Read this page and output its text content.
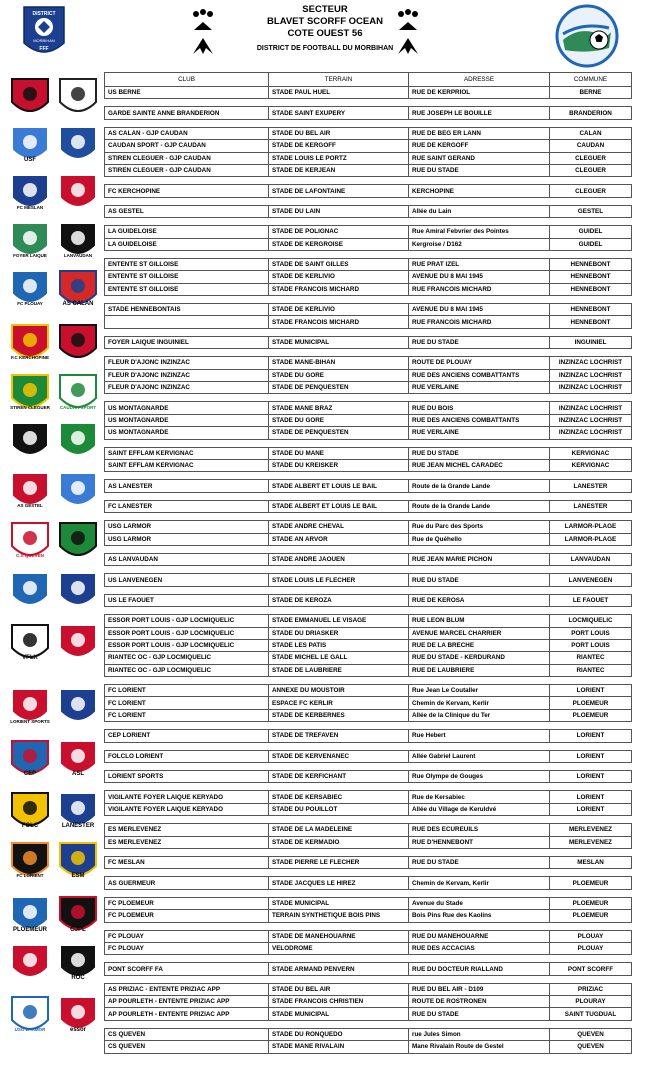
DISTRICT
MORBIHAN
FFF
SECTEUR
BLAVET SCORFF OCEAN
COTE OUEST 56
DISTRICT DE FOOTBALL DU MORBIHAN
USF
FC MESLAN
FOYER LAIQUE	LANVAUDAN
FC PLOUAY	AS CALAN
F.C KERCHOPINE
STIREN CLEGUER CAUDAN SPORT
AS GESTEL
C.S QUEVEN
VFLK
LORIENT SPORTS
CEP	ASL
FOLC	LANESTER
FC LORIENT	ESM
PLOEMEUR	GJPL
ROC
USG LARMOR	essor
CLUB	TERRAIN	ADRESSE	COMMUNE
US BERNE	STADE PAUL HUEL	RUE DE KERPRIOL	BERNE

GARDE SAINTE ANNE BRANDERION	STADE SAINT EXUPERY	RUE JOSEPH LE BOUILLE	BRANDERION

AS CALAN - GJP CAUDAN	STADE DU BEL AIR	RUE DE BEG ER LANN	CALAN
CAUDAN SPORT - GJP CAUDAN	STADE DE KERGOFF	RUE DE KERGOFF	CAUDAN
STIREN CLEGUER - GJP CAUDAN	STADE LOUIS LE PORTZ	RUE SAINT GERAND	CLEGUER
STIREN CLEGUER - GJP CAUDAN	STADE DE KERJEAN	RUE DU STADE	CLEGUER

FC KERCHOPINE	STADE DE LAFONTAINE	KERCHOPINE	CLEGUER

AS GESTEL	STADE DU LAIN	Allée du Lain	GESTEL

LA GUIDELOISE	STADE DE POLIGNAC	Rue Amiral Febvrier des Pointes	GUIDEL
LA GUIDELOISE	STADE DE KERGROISE	Kergroise / D162	GUIDEL

ENTENTE ST GILLOISE	STADE DE SAINT GILLES	RUE PRAT IZEL	HENNEBONT
ENTENTE ST GILLOISE	STADE DE KERLIVIO	AVENUE DU 8 MAI 1945	HENNEBONT
ENTENTE ST GILLOISE	STADE FRANCOIS MICHARD	RUE FRANCOIS MICHARD	HENNEBONT

STADE HENNEBONTAIS	STADE DE KERLIVIO	AVENUE DU 8 MAI 1945	HENNEBONT
	STADE FRANCOIS MICHARD	RUE FRANCOIS MICHARD	HENNEBONT

FOYER LAIQUE INGUINIEL	STADE MUNICIPAL	RUE DU STADE	INGUINIEL

FLEUR D'AJONC INZINZAC	STADE MANE-BIHAN	ROUTE DE PLOUAY	INZINZAC LOCHRIST
FLEUR D'AJONC INZINZAC	STADE DU GORE	RUE DES ANCIENS COMBATTANTS	INZINZAC LOCHRIST
FLEUR D'AJONC INZINZAC	STADE DE PENQUESTEN	RUE VERLAINE	INZINZAC LOCHRIST

US MONTAGNARDE	STADE MANE BRAZ	RUE DU BOIS	INZINZAC LOCHRIST
US MONTAGNARDE	STADE DU GORE	RUE DES ANCIENS COMBATTANTS	INZINZAC LOCHRIST
US MONTAGNARDE	STADE DE PENQUESTEN	RUE VERLAINE	INZINZAC LOCHRIST

SAINT EFFLAM KERVIGNAC	STADE DU MANE	RUE DU STADE	KERVIGNAC
SAINT EFFLAM KERVIGNAC	STADE DU KREISKER	RUE JEAN MICHEL CARADEC	KERVIGNAC

AS LANESTER	STADE ALBERT ET LOUIS LE BAIL	Route de la Grande Lande	LANESTER

FC LANESTER	STADE ALBERT ET LOUIS LE BAIL	Route de la Grande Lande	LANESTER

USG LARMOR	STADE ANDRE CHEVAL	Rue du Parc des Sports	LARMOR-PLAGE
USG LARMOR	STADE AN ARVOR	Rue de Quéhello	LARMOR-PLAGE

AS LANVAUDAN	STADE ANDRE JAOUEN	RUE JEAN MARIE PICHON	LANVAUDAN

US LANVENEGEN	STADE LOUIS LE FLECHER	RUE DU STADE	LANVENEGEN

US LE FAOUET	STADE DE KEROZA	RUE DE KEROSA	LE FAOUET

ESSOR PORT LOUIS - GJP LOCMIQUELIC	STADE EMMANUEL LE VISAGE	RUE LEON BLUM	LOCMIQUELIC
ESSOR PORT LOUIS - GJP LOCMIQUELIC	STADE DU DRIASKER	AVENUE MARCEL CHARRIER	PORT LOUIS
ESSOR PORT LOUIS - GJP LOCMIQUELIC	STADE LES PATIS	RUE DE LA BRECHE	PORT LOUIS
RIANTEC OC - GJP LOCMIQUELIC	STADE MICHEL LE GALL	RUE DU STADE - KERDURAND	RIANTEC
RIANTEC OC - GJP LOCMIQUELIC	STADE DE LAUBRIERE	RUE DE LAUBRIERE	RIANTEC

FC LORIENT	ANNEXE DU MOUSTOIR	Rue Jean Le Coutaller	LORIENT
FC LORIENT	ESPACE FC KERLIR	Chemin de Kervam, Kerlir	PLOEMEUR
FC LORIENT	STADE DE KERBERNES	Allée de la Clinique du Ter	PLOEMEUR

CEP LORIENT	STADE DE TREFAVEN	Rue Hebert	LORIENT

FOLCLO LORIENT	STADE DE KERVENANEC	Allée Gabriel Laurent	LORIENT

LORIENT SPORTS	STADE DE KERFICHANT	Rue Olympe de Gouges	LORIENT

VIGILANTE FOYER LAIQUE KERYADO	STADE DE KERSABIEC	Rue de Kersabiec	LORIENT
VIGILANTE FOYER LAIQUE KERYADO	STADE DU POUILLOT	Allée du Village de Keruldvé	LORIENT

ES MERLEVENEZ	STADE DE LA MADELEINE	RUE DES ECUREUILS	MERLEVENEZ
ES MERLEVENEZ	STADE DE KERMADIO	RUE D'HENNEBONT	MERLEVENEZ

FC MESLAN	STADE PIERRE LE FLECHER	RUE DU STADE	MESLAN

AS GUERMEUR	STADE JACQUES LE HIREZ	Chemin de Kervam, Kerlir	PLOEMEUR

FC PLOEMEUR	STADE MUNICIPAL	Avenue du Stade	PLOEMEUR
FC PLOEMEUR	TERRAIN SYNTHETIQUE BOIS PINS	Bois Pins Rue des Kaolins	PLOEMEUR

FC PLOUAY	STADE DE MANEHOUARNE	RUE DU MANEHOUARNE	PLOUAY
FC PLOUAY	VELODROME	RUE DES ACCACIAS	PLOUAY

PONT SCORFF FA	STADE ARMAND PENVERN	RUE DU DOCTEUR RIALLAND	PONT SCORFF

AS PRIZIAC - ENTENTE PRIZIAC APP	STADE DU BEL AIR	RUE DU BEL AIR - D109	PRIZIAC
AP POURLETH - ENTENTE PRIZIAC APP	STADE FRANCOIS CHRISTIEN	ROUTE DE ROSTRONEN	PLOURAY
AP POURLETH - ENTENTE PRIZIAC APP	STADE MUNICIPAL	RUE DU STADE	SAINT TUGDUAL

CS QUEVEN	STADE DU RONQUEDO	rue Jules Simon	QUEVEN
CS QUEVEN	STADE MANE RIVALAIN	Mane Rivalain Route de Gestel	QUEVEN
